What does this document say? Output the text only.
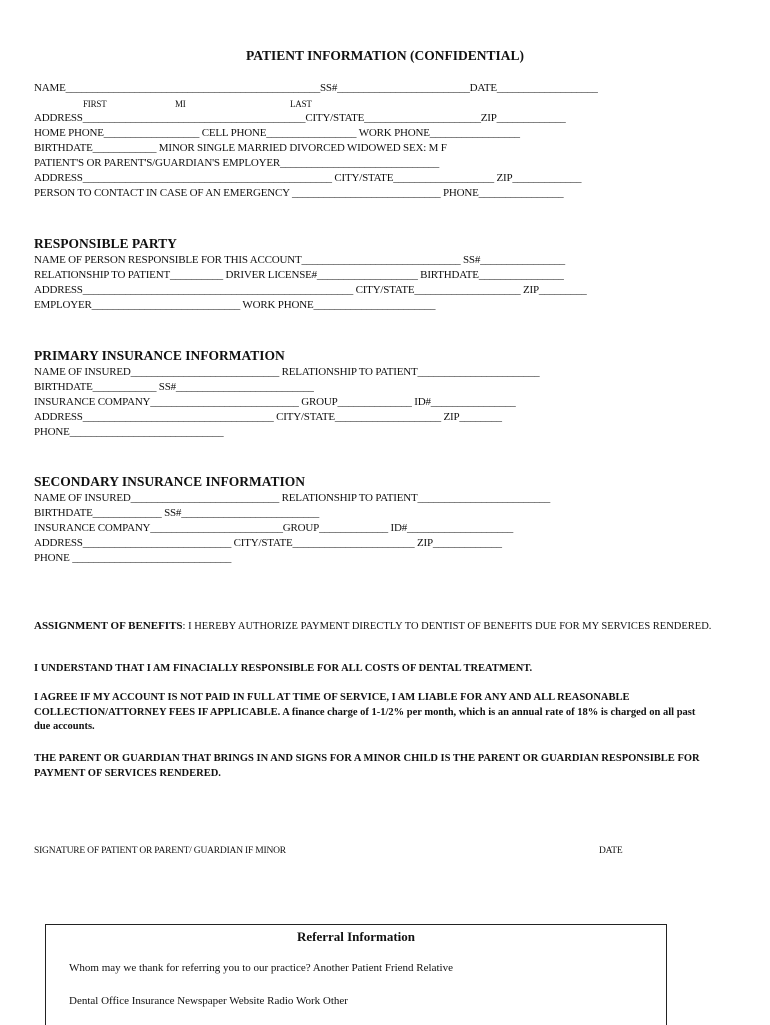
PATIENT INFORMATION (CONFIDENTIAL)
NAME________________________________________________SS#_________________________DATE___________________
FIRST	MI	LAST
ADDRESS__________________________________________CITY/STATE______________________ZIP_____________
HOME PHONE__________________ CELL PHONE_________________ WORK PHONE_________________
BIRTHDATE____________ MINOR SINGLE MARRIED DIVORCED WIDOWED SEX: M F
PATIENT'S OR PARENT'S/GUARDIAN'S EMPLOYER______________________________
ADDRESS_______________________________________________ CITY/STATE___________________ ZIP_____________
PERSON TO CONTACT IN CASE OF AN EMERGENCY ____________________________ PHONE________________
RESPONSIBLE PARTY
NAME OF PERSON RESPONSIBLE FOR THIS ACCOUNT______________________________ SS#________________
RELATIONSHIP TO PATIENT__________ DRIVER LICENSE#___________________ BIRTHDATE________________
ADDRESS___________________________________________________ CITY/STATE____________________ ZIP_________
EMPLOYER____________________________ WORK PHONE_______________________
PRIMARY INSURANCE INFORMATION
NAME OF INSURED____________________________ RELATIONSHIP TO PATIENT_______________________
BIRTHDATE____________ SS#__________________________
INSURANCE COMPANY____________________________ GROUP______________ ID#________________
ADDRESS____________________________________ CITY/STATE____________________ ZIP________
PHONE_____________________________
SECONDARY INSURANCE INFORMATION
NAME OF INSURED____________________________ RELATIONSHIP TO PATIENT_________________________
BIRTHDATE_____________ SS#__________________________
INSURANCE COMPANY_________________________GROUP_____________ ID#____________________
ADDRESS____________________________ CITY/STATE_______________________ ZIP_____________
PHONE ______________________________
ASSIGNMENT OF BENEFITS: I HEREBY AUTHORIZE PAYMENT DIRECTLY TO DENTIST OF BENEFITS DUE FOR MY SERVICES RENDERED.
I UNDERSTAND THAT I AM FINACIALLY RESPONSIBLE FOR ALL COSTS OF DENTAL TREATMENT.
I AGREE IF MY ACCOUNT IS NOT PAID IN FULL AT TIME OF SERVICE, I AM LIABLE FOR ANY AND ALL REASONABLE COLLECTION/ATTORNEY FEES IF APPLICABLE. A finance charge of 1-1/2% per month, which is an annual rate of 18% is charged on all past due accounts.
THE PARENT OR GUARDIAN THAT BRINGS IN AND SIGNS FOR A MINOR CHILD IS THE PARENT OR GUARDIAN RESPONSIBLE FOR PAYMENT OF SERVICES RENDERED.
SIGNATURE OF PATIENT OR PARENT/ GUARDIAN IF MINOR	DATE
Referral Information
Whom may we thank for referring you to our practice? Another Patient Friend Relative
Dental Office Insurance Newspaper Website Radio Work Other
